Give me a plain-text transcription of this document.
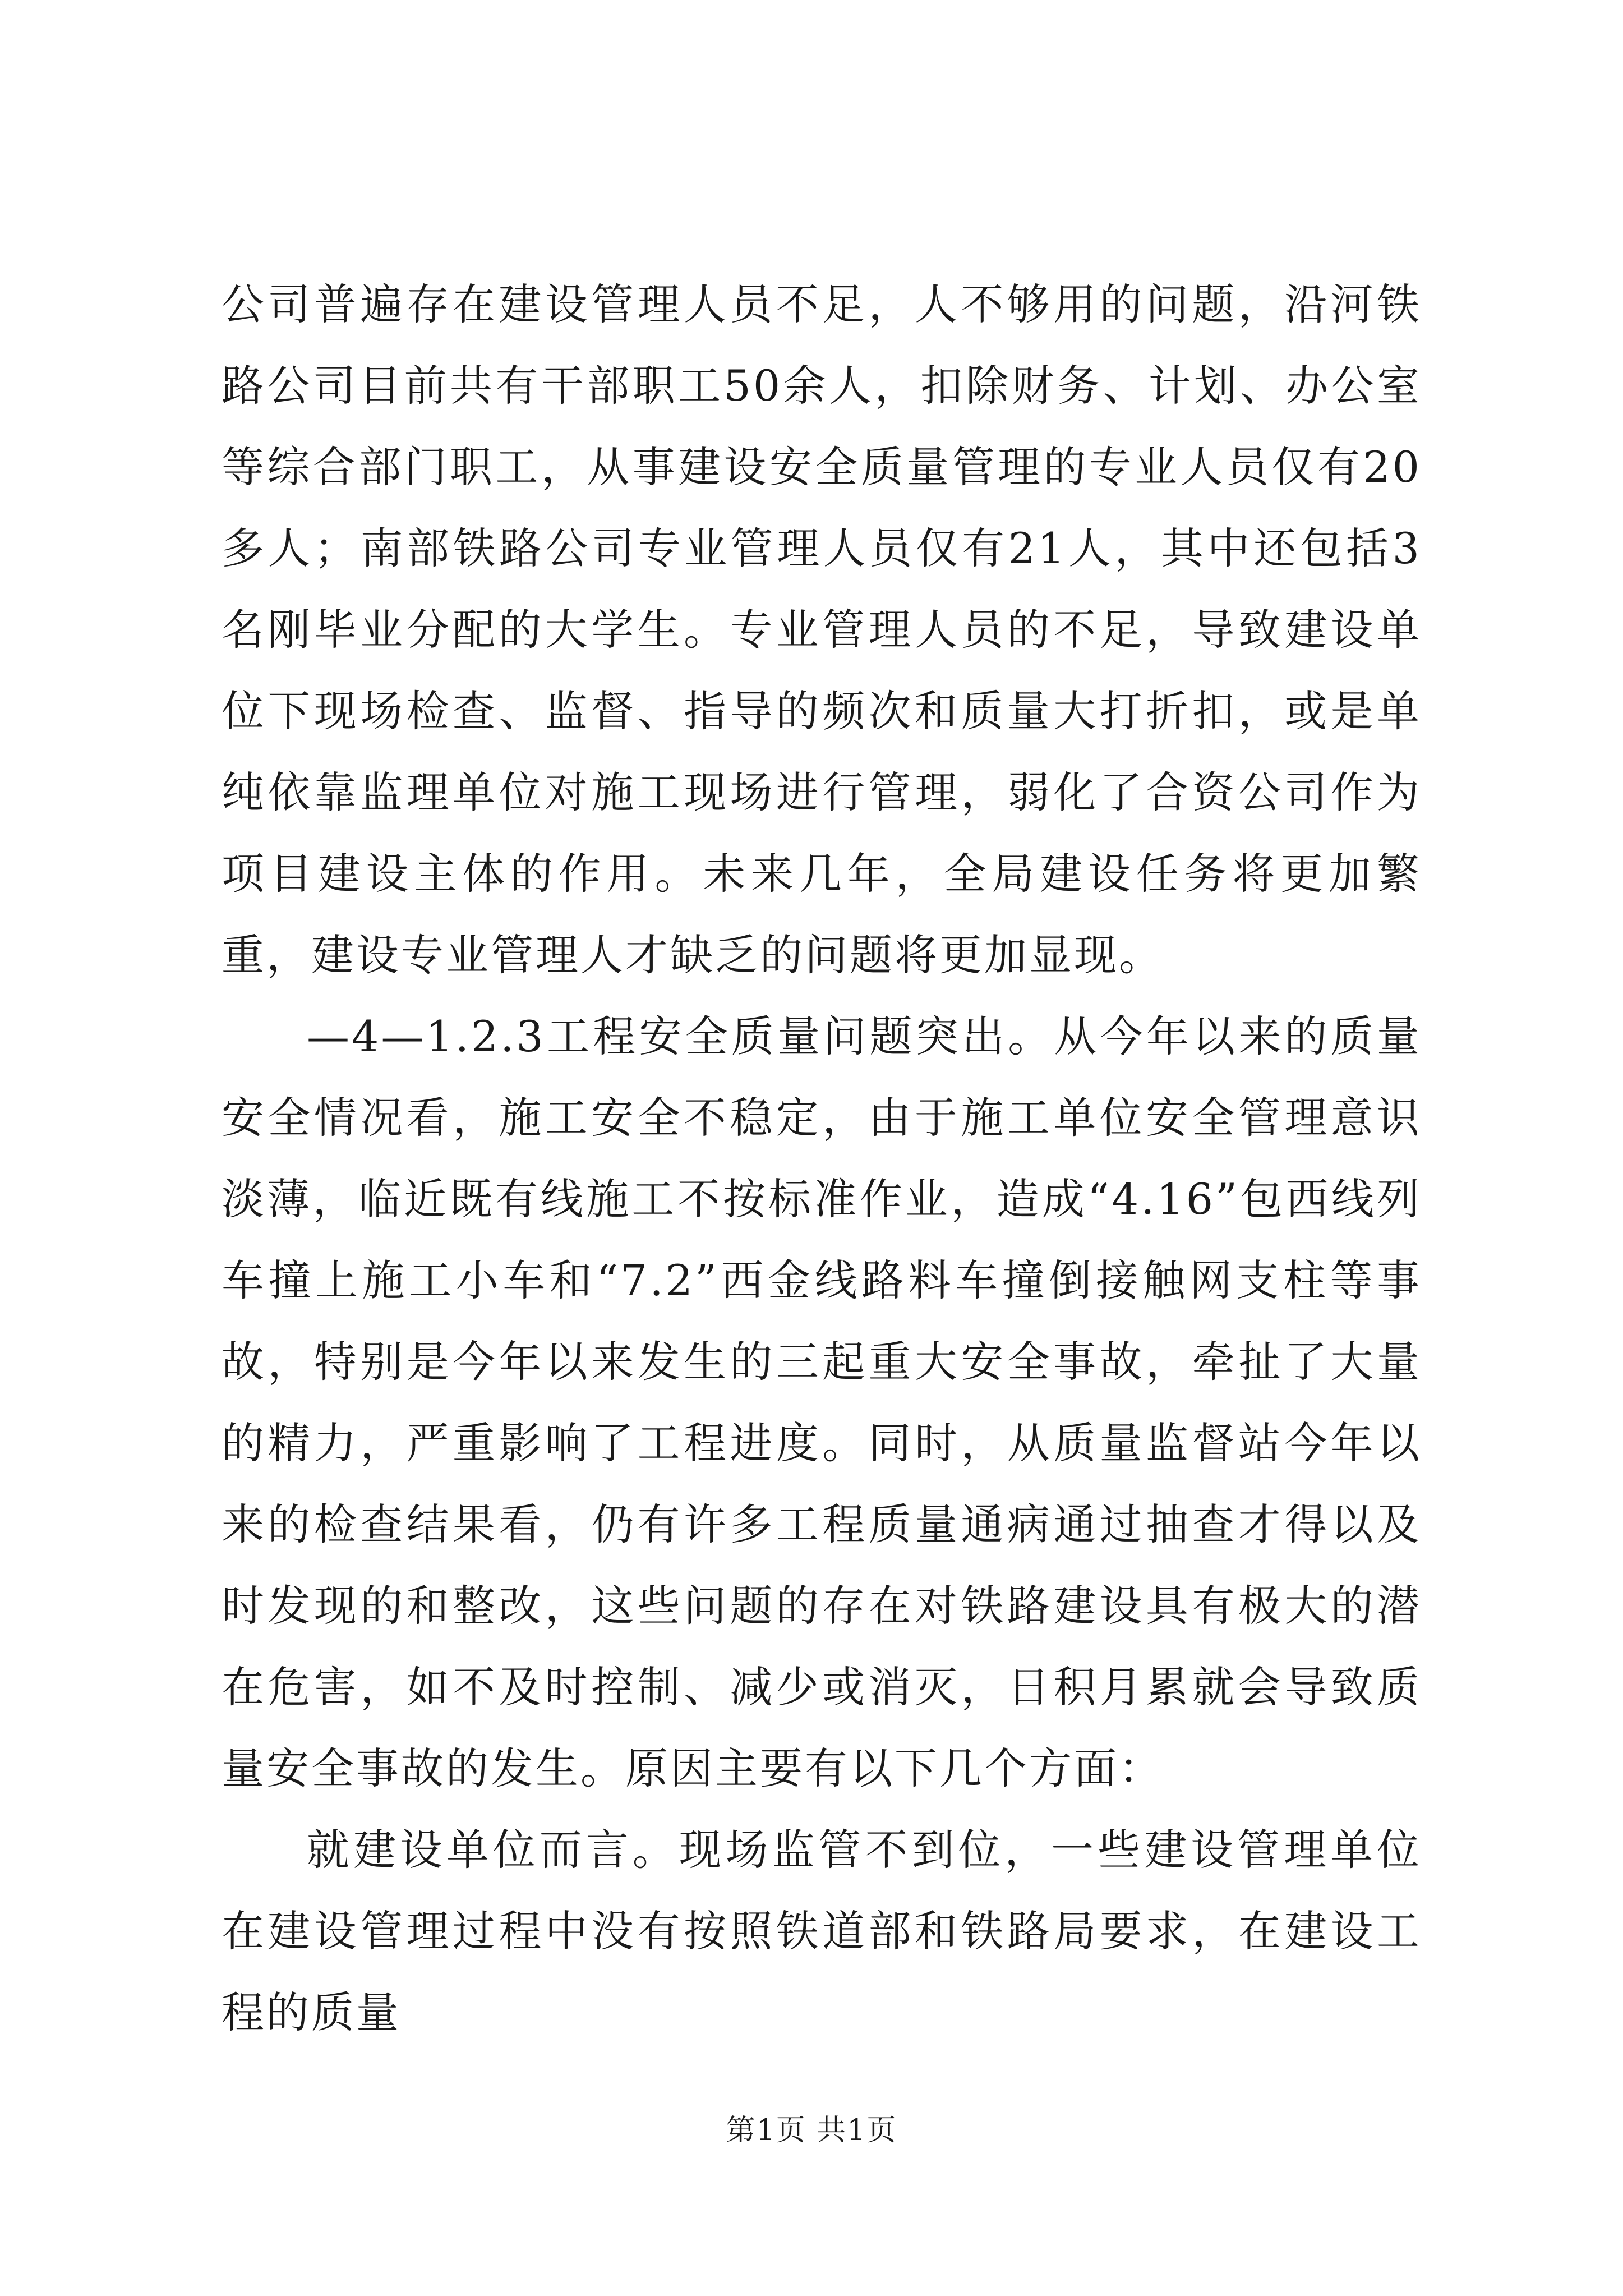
公司普遍存在建设管理人员不足，人不够用的问题，沿河铁路公司目前共有干部职工50余人，扣除财务、计划、办公室等综合部门职工，从事建设安全质量管理的专业人员仅有20多人；南部铁路公司专业管理人员仅有21人，其中还包括3名刚毕业分配的大学生。专业管理人员的不足，导致建设单位下现场检查、监督、指导的频次和质量大打折扣，或是单纯依靠监理单位对施工现场进行管理，弱化了合资公司作为项目建设主体的作用。未来几年，全局建设任务将更加繁重，建设专业管理人才缺乏的问题将更加显现。

—4—1.2.3工程安全质量问题突出。从今年以来的质量安全情况看，施工安全不稳定，由于施工单位安全管理意识淡薄，临近既有线施工不按标准作业，造成“4.16”包西线列车撞上施工小车和“7.2”西金线路料车撞倒接触网支柱等事故，特别是今年以来发生的三起重大安全事故，牵扯了大量的精力，严重影响了工程进度。同时，从质量监督站今年以来的检查结果看，仍有许多工程质量通病通过抽查才得以及时发现的和整改，这些问题的存在对铁路建设具有极大的潜在危害，如不及时控制、减少或消灭，日积月累就会导致质量安全事故的发生。原因主要有以下几个方面：

就建设单位而言。现场监管不到位，一些建设管理单位在建设管理过程中没有按照铁道部和铁路局要求，在建设工程的质量

第1页 共1页
